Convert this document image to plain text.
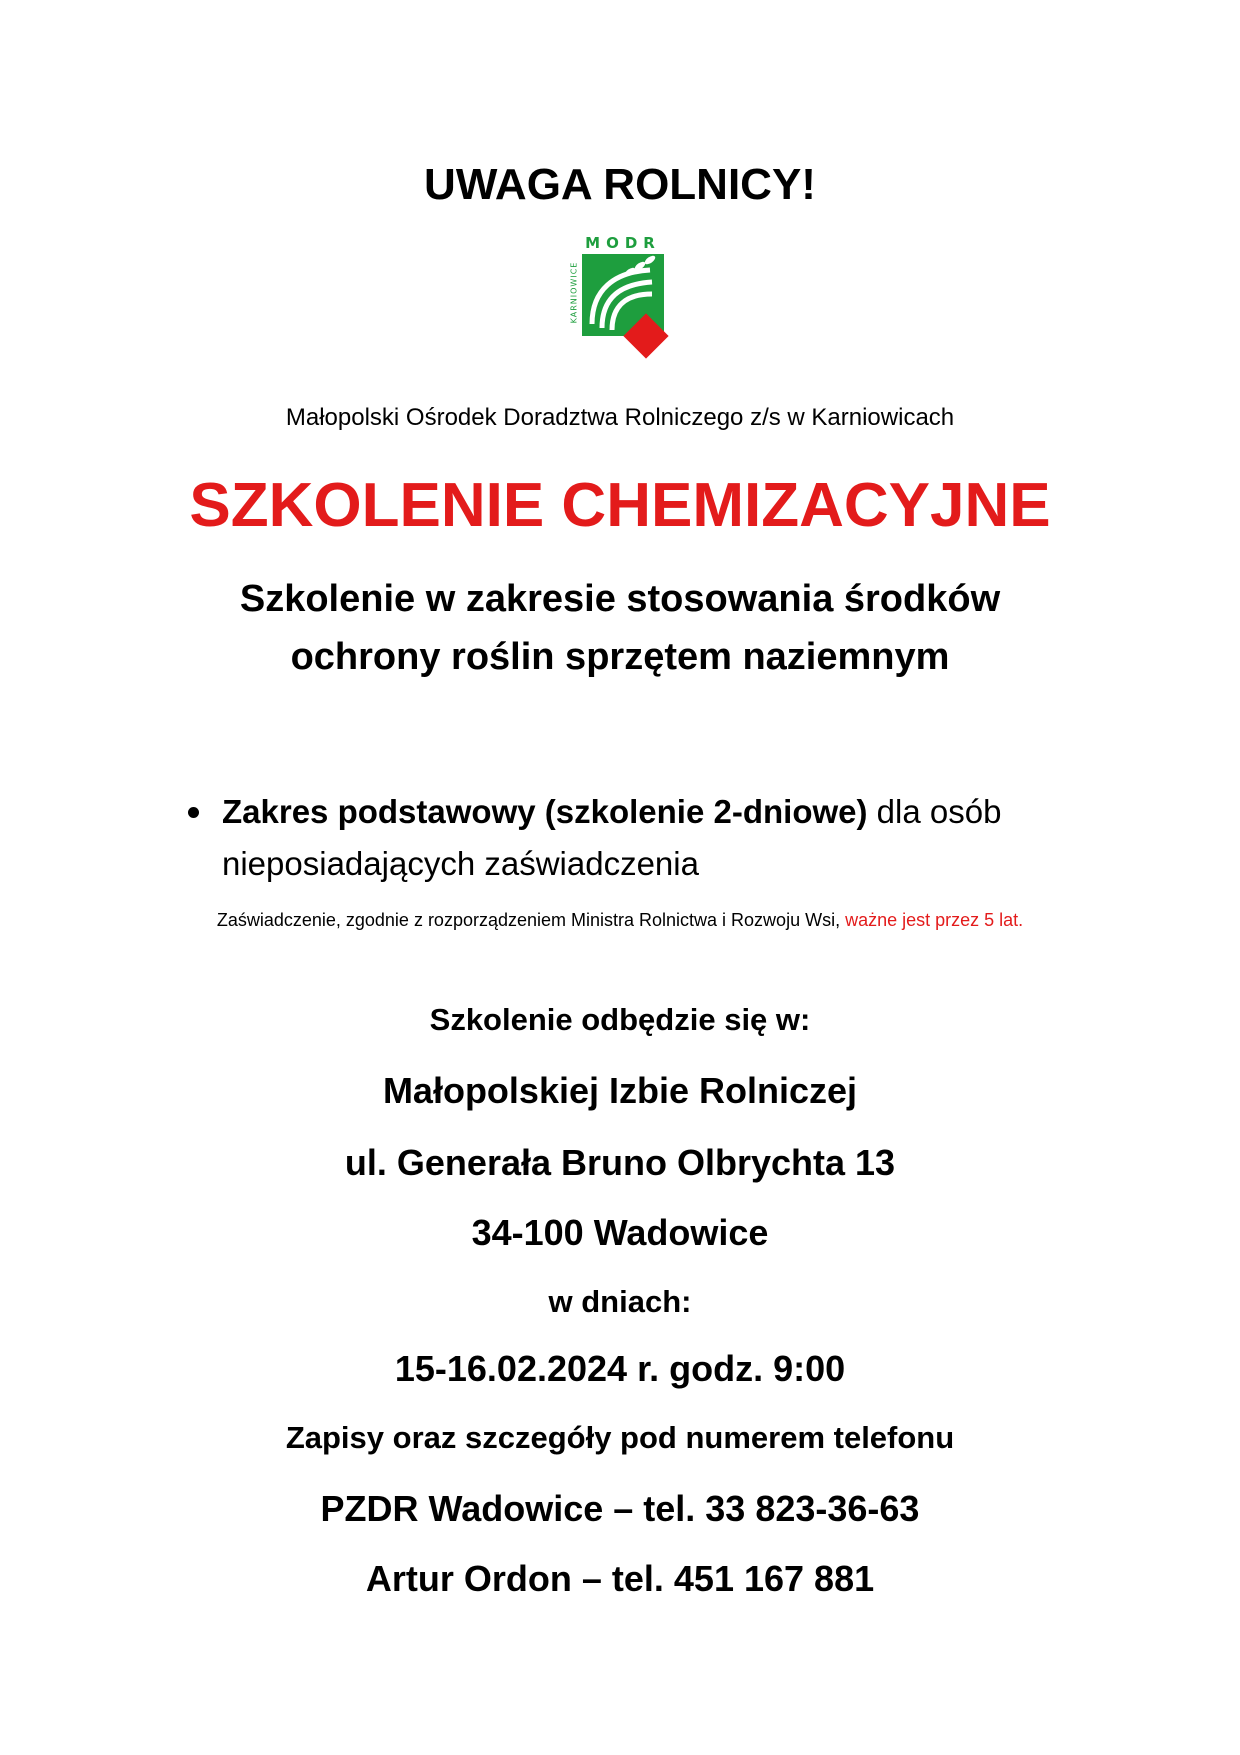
UWAGA ROLNICY!
MODR
KARNIOWICE
Małopolski Ośrodek Doradztwa Rolniczego z/s w Karniowicach
SZKOLENIE CHEMIZACYJNE
Szkolenie w zakresie stosowania środków
ochrony roślin sprzętem naziemnym
Zakres podstawowy (szkolenie 2-dniowe) dla osób
nieposiadających zaświadczenia
Zaświadczenie, zgodnie z rozporządzeniem Ministra Rolnictwa i Rozwoju Wsi, ważne jest przez 5 lat.
Szkolenie odbędzie się w:
Małopolskiej Izbie Rolniczej
ul. Generała Bruno Olbrychta 13
34-100 Wadowice
w dniach:
15-16.02.2024 r. godz. 9:00
Zapisy oraz szczegóły pod numerem telefonu
PZDR Wadowice – tel. 33 823-36-63
Artur Ordon – tel. 451 167 881
